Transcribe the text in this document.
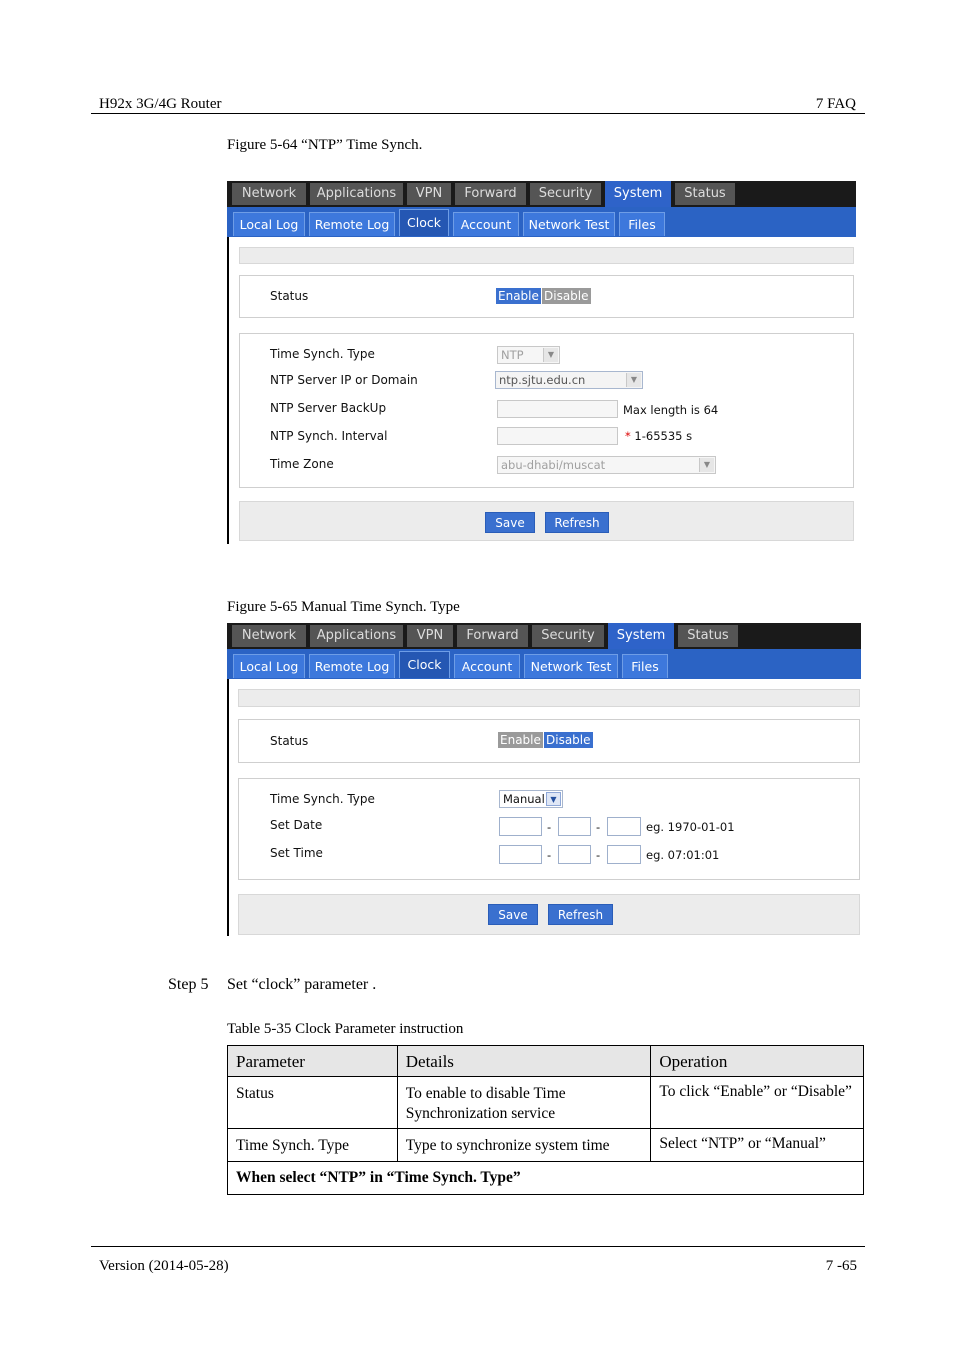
H92x 3G/4G Router	7 FAQ
Figure 5-64 “NTP” Time Synch.
Network	Applications	VPN	Forward	Security	System	Status
Local Log	Remote Log	Clock	Account	Network Test	Files
Status	Enable Disable
Time Synch. Type	NTP	▼
NTP Server IP or Domain	ntp.sjtu.edu.cn	▼
NTP Server BackUp	Max length is 64
NTP Synch. Interval	* 1-65535 s
Time Zone	abu-dhabi/muscat	▼
Save	Refresh
Figure 5-65 Manual Time Synch. Type
Network	Applications	VPN	Forward	Security	System	Status
Local Log	Remote Log	Clock	Account	Network Test	Files
Status	Enable Disable
Time Synch. Type	Manual ▼
Set Date	-	-	eg. 1970-01-01
Set Time	-	-	eg. 07:01:01
Save	Refresh
Step 5 Set “clock” parameter .
Table 5-35 Clock Parameter instruction
Parameter	Details	Operation
Status	To enable to disable Time Synchronization service	To click “Enable” or “Disable”
Time Synch. Type	Type to synchronize system time	Select “NTP” or “Manual”
When select “NTP” in “Time Synch. Type”		
Version (2014-05-28)	7 -65
